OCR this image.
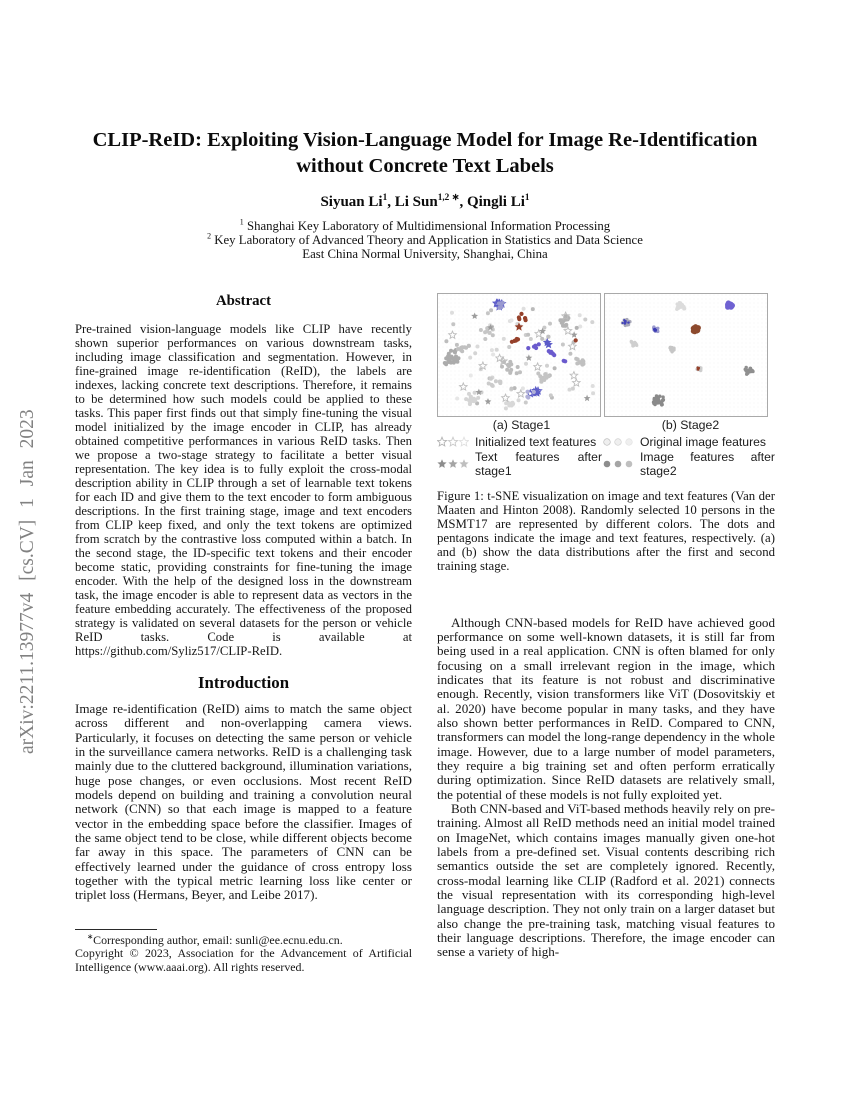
arXiv:2211.13977v4 [cs.CV] 1 Jan 2023
CLIP-ReID: Exploiting Vision-Language Model for Image Re-Identification without Concrete Text Labels
Siyuan Li$^1$, Li Sun$^{1,2 ∗}$, Qingli Li$^1$
$^1$ Shanghai Key Laboratory of Multidimensional Information Processing
$^2$ Key Laboratory of Advanced Theory and Application in Statistics and Data Science
East China Normal University, Shanghai, China
Abstract

Pre-trained vision-language models like CLIP have recently shown superior performances on various downstream tasks, including image classification and segmentation. However, in fine-grained image re-identification (ReID), the labels are indexes, lacking concrete text descriptions. Therefore, it remains to be determined how such models could be applied to these tasks. This paper first finds out that simply fine-tuning the visual model initialized by the image encoder in CLIP, has already obtained competitive performances in various ReID tasks. Then we propose a two-stage strategy to facilitate a better visual representation. The key idea is to fully exploit the cross-modal description ability in CLIP through a set of learnable text tokens for each ID and give them to the text encoder to form ambiguous descriptions. In the first training stage, image and text encoders from CLIP keep fixed, and only the text tokens are optimized from scratch by the contrastive loss computed within a batch. In the second stage, the ID-specific text tokens and their encoder become static, providing constraints for fine-tuning the image encoder. With the help of the designed loss in the downstream task, the image encoder is able to represent data as vectors in the feature embedding accurately. The effectiveness of the proposed strategy is validated on several datasets for the person or vehicle ReID tasks. Code is available at https://github.com/Syliz517/CLIP-ReID.

Introduction

Image re-identification (ReID) aims to match the same object across different and non-overlapping camera views. Particularly, it focuses on detecting the same person or vehicle in the surveillance camera networks. ReID is a challenging task mainly due to the cluttered background, illumination variations, huge pose changes, or even occlusions. Most recent ReID models depend on building and training a convolution neural network (CNN) so that each image is mapped to a feature vector in the embedding space before the classifier. Images of the same object tend to be close, while different objects become far away in this space. The parameters of CNN can be effectively learned under the guidance of cross entropy loss together with the typical metric learning loss like center or triplet loss (Hermans, Beyer, and Leibe 2017).

∗Corresponding author, email: sunli@ee.ecnu.edu.cn.

Copyright © 2023, Association for the Advancement of Artificial Intelligence (www.aaai.org). All rights reserved.

(a) Stage1	(b) Stage2
Initialized text features	Original image features
Text features after stage1
Image features after stage2

Figure 1: t-SNE visualization on image and text features (Van der Maaten and Hinton 2008). Randomly selected 10 persons in the MSMT17 are represented by different colors. The dots and pentagons indicate the image and text features, respectively. (a) and (b) show the data distributions after the first and second training stage.

Although CNN-based models for ReID have achieved good performance on some well-known datasets, it is still far from being used in a real application. CNN is often blamed for only focusing on a small irrelevant region in the image, which indicates that its feature is not robust and discriminative enough. Recently, vision transformers like ViT (Dosovitskiy et al. 2020) have become popular in many tasks, and they have also shown better performances in ReID. Compared to CNN, transformers can model the long-range dependency in the whole image. However, due to a large number of model parameters, they require a big training set and often perform erratically during optimization. Since ReID datasets are relatively small, the potential of these models is not fully exploited yet.

Both CNN-based and ViT-based methods heavily rely on pre-training. Almost all ReID methods need an initial model trained on ImageNet, which contains images manually given one-hot labels from a pre-defined set. Visual contents describing rich semantics outside the set are completely ignored. Recently, cross-modal learning like CLIP (Radford et al. 2021) connects the visual representation with its corresponding high-level language description. They not only train on a larger dataset but also change the pre-training task, matching visual features to their language descriptions. Therefore, the image encoder can sense a variety of high-
